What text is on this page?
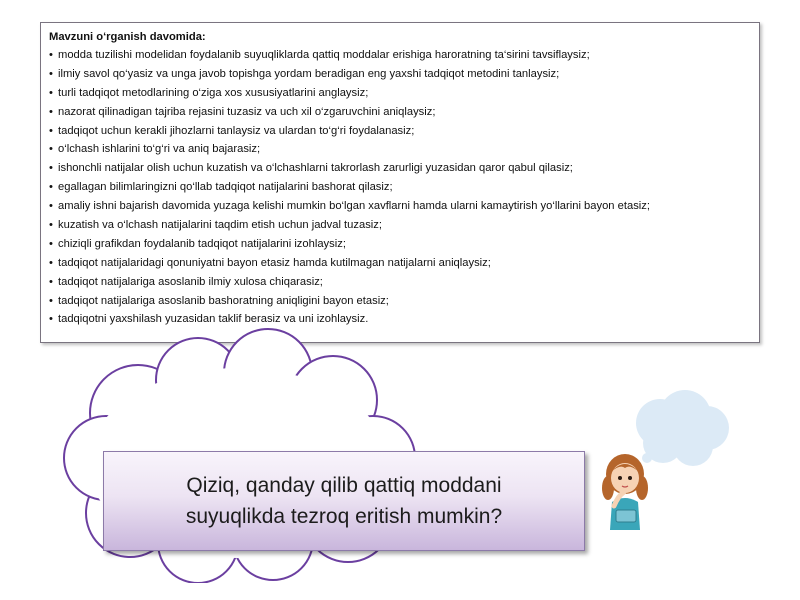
Mavzuni o‘rganish davomida:
• modda tuzilishi modelidan foydalanib suyuqliklarda qattiq moddalar erishiga haroratning ta‘sirini tavsiflaysiz;
• ilmiy savol qo‘yasiz va unga javob topishga yordam beradigan eng yaxshi tadqiqot metodini tanlaysiz;
• turli tadqiqot metodlarining o‘ziga xos xususiyatlarini anglaysiz;
• nazorat qilinadigan tajriba rejasini tuzasiz va uch xil o‘zgaruvchini aniqlaysiz;
• tadqiqot uchun kerakli jihozlarni tanlaysiz va ulardan to‘g‘ri foydalanasiz;
• o‘lchash ishlarini to‘g‘ri va aniq bajarasiz;
• ishonchli natijalar olish uchun kuzatish va o‘lchashlarni takrorlash zarurligi yuzasidan qaror qabul qilasiz;
• egallagan bilimlaringizni qo‘llab tadqiqot natijalarini bashorat qilasiz;
• amaliy ishni bajarish davomida yuzaga kelishi mumkin bo‘lgan xavflarni hamda ularni kamaytirish yo‘llarini bayon etasiz;
• kuzatish va o‘lchash natijalarini taqdim etish uchun jadval tuzasiz;
• chiziqli grafikdan foydalanib tadqiqot natijalarini izohlaysiz;
• tadqiqot natijalaridagi qonuniyatni bayon etasiz hamda kutilmagan natijalarni aniqlaysiz;
• tadqiqot natijalariga asoslanib ilmiy xulosa chiqarasiz;
• tadqiqot natijalariga asoslanib bashoratning aniqligini bayon etasiz;
• tadqiqotni yaxshilash yuzasidan taklif berasiz va uni izohlaysiz.
Qiziq, qanday qilib qattiq moddani
suyuqlikda tezroq eritish mumkin?
